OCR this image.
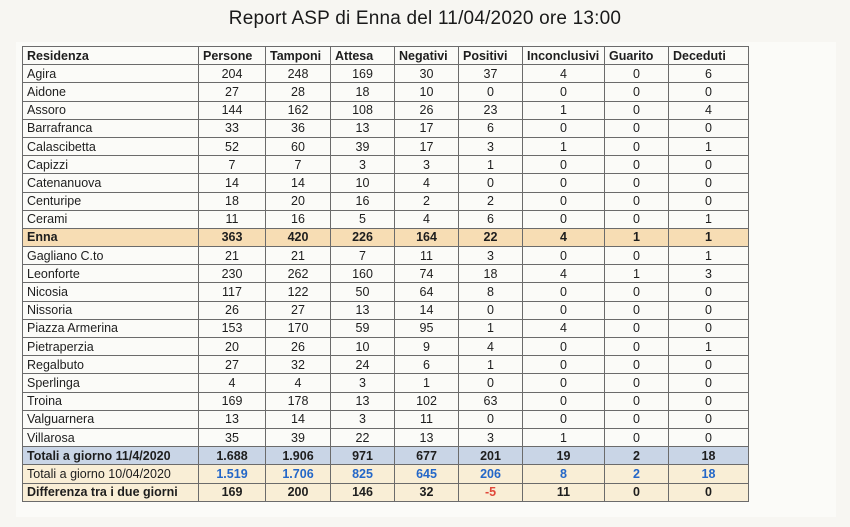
Report ASP di Enna del 11/04/2020 ore 13:00
Residenza	Persone	Tamponi	Attesa	Negativi	Positivi	Inconclusivi	Guarito	Deceduti
Agira	204	248	169	30	37	4	0	6
Aidone	27	28	18	10	0	0	0	0
Assoro	144	162	108	26	23	1	0	4
Barrafranca	33	36	13	17	6	0	0	0
Calascibetta	52	60	39	17	3	1	0	1
Capizzi	7	7	3	3	1	0	0	0
Catenanuova	14	14	10	4	0	0	0	0
Centuripe	18	20	16	2	2	0	0	0
Cerami	11	16	5	4	6	0	0	1
Enna	363	420	226	164	22	4	1	1
Gagliano C.to	21	21	7	11	3	0	0	1
Leonforte	230	262	160	74	18	4	1	3
Nicosia	117	122	50	64	8	0	0	0
Nissoria	26	27	13	14	0	0	0	0
Piazza Armerina	153	170	59	95	1	4	0	0
Pietraperzia	20	26	10	9	4	0	0	1
Regalbuto	27	32	24	6	1	0	0	0
Sperlinga	4	4	3	1	0	0	0	0
Troina	169	178	13	102	63	0	0	0
Valguarnera	13	14	3	11	0	0	0	0
Villarosa	35	39	22	13	3	1	0	0
Totali a giorno 11/4/2020	1.688	1.906	971	677	201	19	2	18
Totali a giorno 10/04/2020	1.519	1.706	825	645	206	8	2	18
Differenza tra i due giorni	169	200	146	32	-5	11	0	0
